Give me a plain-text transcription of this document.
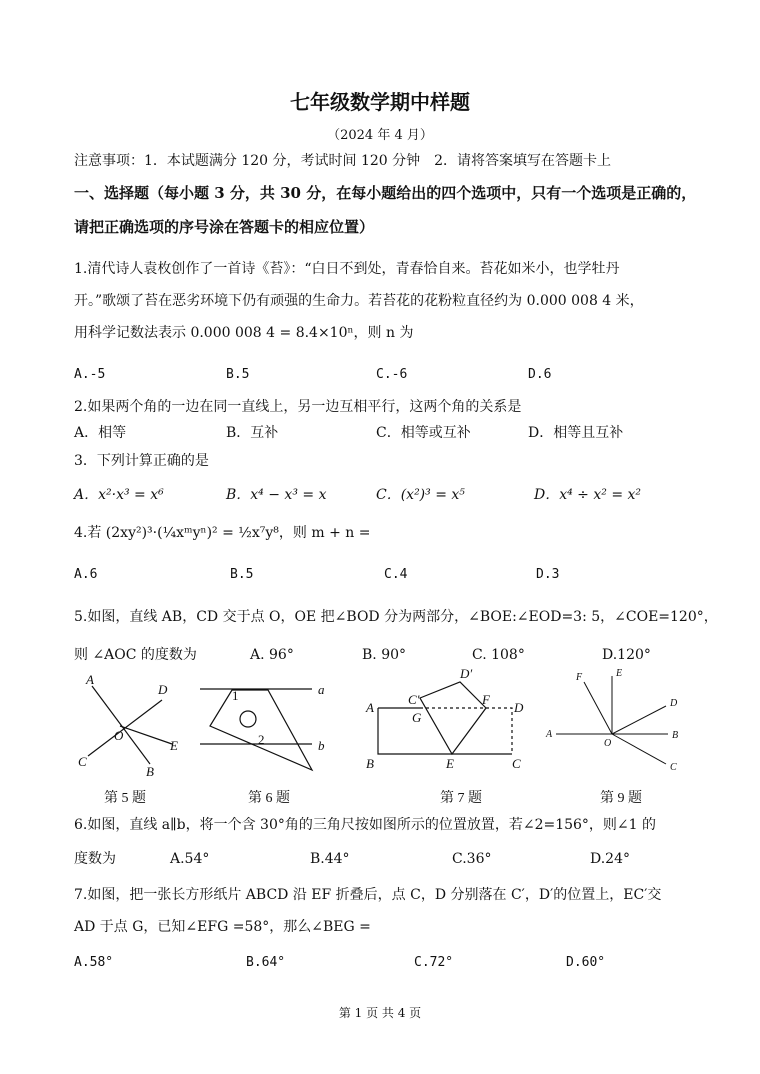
七年级数学期中样题
（2024 年 4 月）
注意事项：1．本试题满分 120 分，考试时间 120 分钟　2．请将答案填写在答题卡上
一、选择题（每小题 3 分，共 30 分，在每小题给出的四个选项中，只有一个选项是正确的，
请把正确选项的序号涂在答题卡的相应位置）
1.清代诗人袁枚创作了一首诗《苔》：“白日不到处，青春恰自来。苔花如米小，也学牡丹
开。”歌颂了苔在恶劣环境下仍有顽强的生命力。若苔花的花粉粒直径约为 0.000 008 4 米，
用科学记数法表示 0.000 008 4 = 8.4×10ⁿ，则 n 为
A.-5	B.5	C.-6	D.6
2.如果两个角的一边在同一直线上，另一边互相平行，这两个角的关系是
A．相等	B．互补	C．相等或互补	D．相等且互补
3．下列计算正确的是
A．x²·x³ = x⁶	B．x⁴ − x³ = x	C．(x²)³ = x⁵	D．x⁴ ÷ x² = x²
4.若 (2xy²)³·(¼xᵐyⁿ)² = ½x⁷y⁸，则 m + n =
A.6	B.5	C.4	D.3
5.如图，直线 AB，CD 交于点 O，OE 把∠BOD 分为两部分，∠BOE:∠EOD=3: 5，∠COE=120°，
则 ∠AOC 的度数为	A. 96°	B. 90°	C. 108°	D.120°
A
D
O
E
C
B
1	a
2	b
D′
C′	F
A
G
D
B	E	C
F	E
D
A
O
B
C
第 5 题	第 6 题	第 7 题	第 9 题
6.如图，直线 a∥b，将一个含 30°角的三角尺按如图所示的位置放置，若∠2=156°，则∠1 的
度数为	A.54°	B.44°	C.36°	D.24°
7.如图，把一张长方形纸片 ABCD 沿 EF 折叠后，点 C，D 分别落在 C′，D′的位置上，EC′交
AD 于点 G，已知∠EFG =58°，那么∠BEG =
A.58°	B.64°	C.72°	D.60°
第 1 页 共 4 页
